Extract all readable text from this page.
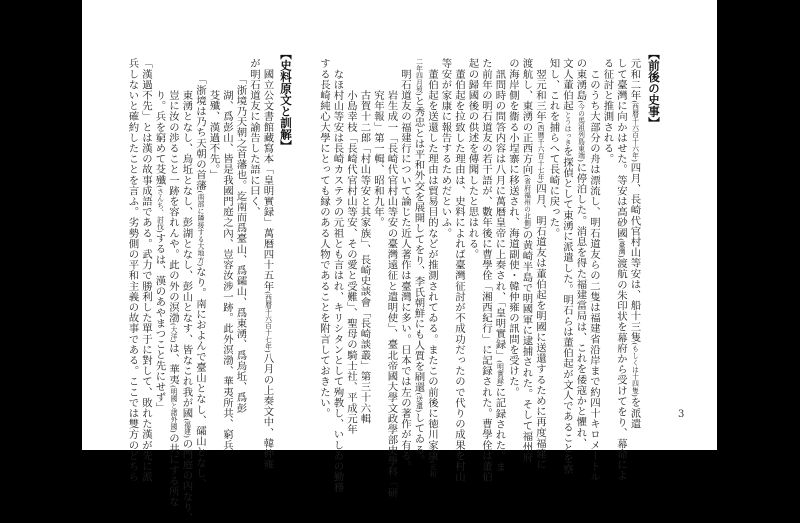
【前後の史事】
元和二年(西暦千六百十六年)四月、長崎代官村山等安は、船十三隻(もしくは十四隻)を派遣
して臺灣に向かはせた。等安は高砂國(臺灣)渡航の朱印状を幕府から受けてをり、幕命によ
る征討と推測される。
　このうち大部分の舟は漂流し、明石道友らの二隻は福建省沿岸まで約四十キロメートル
の東湧島(今の馬祖列島東端)に停泊した。消息を得た福建當局は、これを倭寇かと懼れ、
文人董伯起とうはっきを探偵として東湧に派遣した。明石らは董伯起が文人であることを察
知し、これを捕らへて長崎に戻った。
　翌元和三年(西暦千六百十七年)四月、明石道友は董伯起を明國に送還するために再度福建に
渡航し、東湧の正西方向(省府福州の北側)の黄崎半島で明國軍に逮捕された。そして福州府
の海岸側を衞る小埕寨に移送され、海道副使・韓仲雍の訊問を受けた。
　訊問時の問答内容は八月に萬暦皇帝に上奏され、「皇明實録」(明實録)に記録された。ま
た前年の明石道友の若干語が、數年後に曹學佺「湘西紀行」に記録された。曹學佺は董伯
起の歸國後の供述を傳聞したと思はれる。
　董伯起を拉致した理由は、史料によれば臺灣征討が不成功だったので代りの成果を村山
等安が家康に報告するためだといふ。
　董伯起を送還した理由は貿易目的などが推測されてゐる。またこの前後に徳川家康(元和
二年四月歿)と秀忠とは平和外交を展開してをり、李氏朝鮮にも人質を刷還(送還)してゐる。
　明石道友の福建行について論じた近人著作は臺灣に多い。日本では左の著作が有る。
　　　岩生成一「長崎代官村山等安の臺灣遠征と遣明使」、臺北帝國大學文政學部史學科「研
　　　究年報」第一輯、昭和九年。
　　　古賀十二郎「村山等安と其家族」、長崎史談會「長崎談叢」第三十六輯
　　　小島幸枝「長崎代官村山等安、その愛と受難」、聖母の騎士社、平成元年
　なほ村山等安は長崎カステラの元祖とも言はれ、キリシタンとして殉教し、いしゐの勤務
する長崎純心大學にとっても縁のある人物であることを附言しておきたい。
【史料原文と訓解】
　國立公文書館藏寫本「皇明實録」萬暦四十五年(西暦千六百十七年)八月の上奏文中、韓仲雍
が明石道友に諭告した語に曰く、
　　「浙境乃天朝之首藩也。迄南而爲臺山、爲礵山、爲東湧、爲烏坵、爲彭
　　　湖、爲彭山、皆是我國門庭之內、豈容汝涉一跡。此外溟渤、華夷所共、窮兵
　　　芟殲、漢過不先。」
　　「浙境は乃ち天朝の首藩(南部に隣接する大地方)なり。南におよんで臺山となし、礵山となし、
　　　東湧となし、烏坵となし、彭湖となし、彭山となす、皆なこれ我が國(福建)の門庭の內なり、
　　　豈に汝の渉ること一跡を容れんや。此の外の溟渤(大洋)は、華夷(明國と諸外國)の共にする所な
　　　り。兵を窮めて芟殲(さんち、討伐)するは、漢のあやまつこと先にせず」
「漢過不先」とは漢の故事成語である。武力で勝利した單于に對して、敗れた漢が先に派
兵しないと確約したことを言ふ。劣勢側の平和主義の故事である。ここでは雙方のどちら	3
